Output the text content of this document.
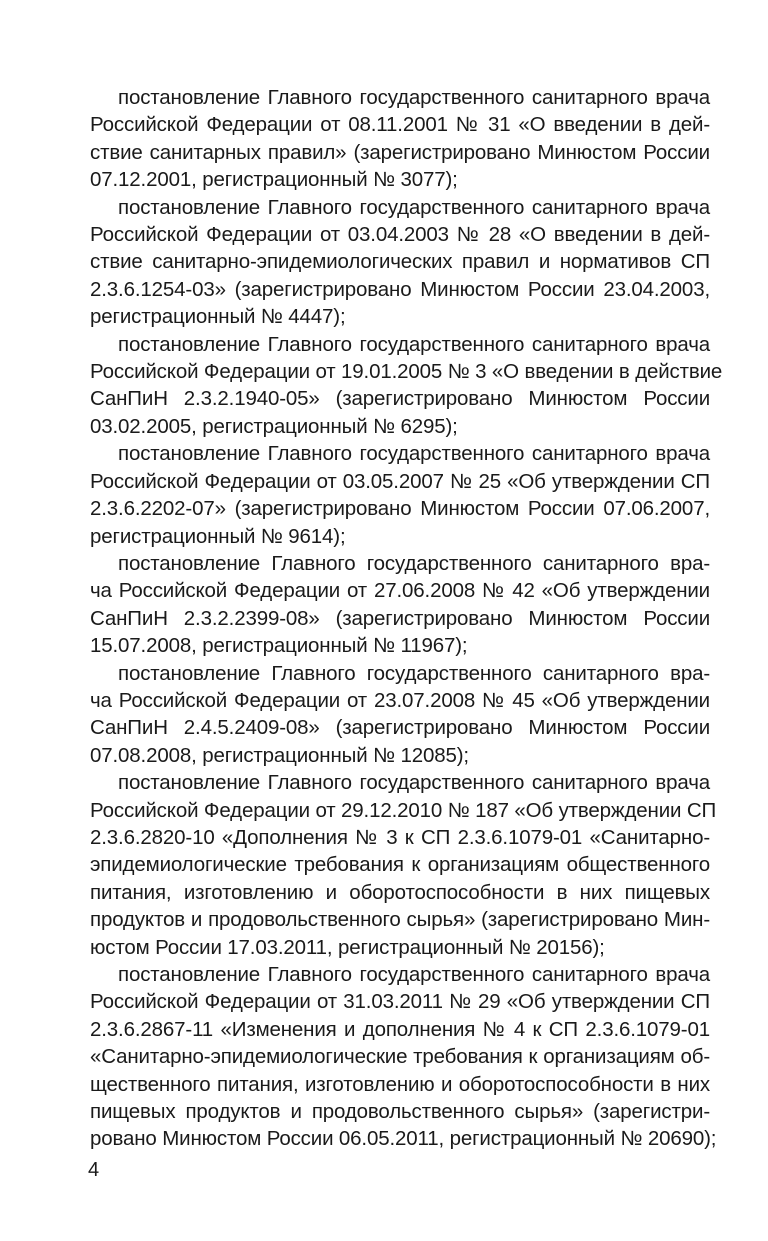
постановление Главного государственного санитарного врача
Российской Федерации от 08.11.2001 № 31 «О введении в дей-
ствие санитарных правил» (зарегистрировано Минюстом России
07.12.2001, регистрационный № 3077);

постановление Главного государственного санитарного врача
Российской Федерации от 03.04.2003 № 28 «О введении в дей-
ствие санитарно-эпидемиологических правил и нормативов СП
2.3.6.1254-03» (зарегистрировано Минюстом России 23.04.2003,
регистрационный № 4447);

постановление Главного государственного санитарного врача
Российской Федерации от 19.01.2005 № 3 «О введении в действие
СанПиН 2.3.2.1940-05» (зарегистрировано Минюстом России
03.02.2005, регистрационный № 6295);

постановление Главного государственного санитарного врача
Российской Федерации от 03.05.2007 № 25 «Об утверждении СП
2.3.6.2202-07» (зарегистрировано Минюстом России 07.06.2007,
регистрационный № 9614);

постановление Главного государственного санитарного вра-
ча Российской Федерации от 27.06.2008 № 42 «Об утверждении
СанПиН 2.3.2.2399-08» (зарегистрировано Минюстом России
15.07.2008, регистрационный № 11967);

постановление Главного государственного санитарного вра-
ча Российской Федерации от 23.07.2008 № 45 «Об утверждении
СанПиН 2.4.5.2409-08» (зарегистрировано Минюстом России
07.08.2008, регистрационный № 12085);

постановление Главного государственного санитарного врача
Российской Федерации от 29.12.2010 № 187 «Об утверждении СП
2.3.6.2820-10 «Дополнения № 3 к СП 2.3.6.1079-01 «Санитарно-
эпидемиологические требования к организациям общественного
питания, изготовлению и оборотоспособности в них пищевых
продуктов и продовольственного сырья» (зарегистрировано Мин-
юстом России 17.03.2011, регистрационный № 20156);

постановление Главного государственного санитарного врача
Российской Федерации от 31.03.2011 № 29 «Об утверждении СП
2.3.6.2867-11 «Изменения и дополнения № 4 к СП 2.3.6.1079-01
«Санитарно-эпидемиологические требования к организациям об-
щественного питания, изготовлению и оборотоспособности в них
пищевых продуктов и продовольственного сырья» (зарегистри-
ровано Минюстом России 06.05.2011, регистрационный № 20690);

4
